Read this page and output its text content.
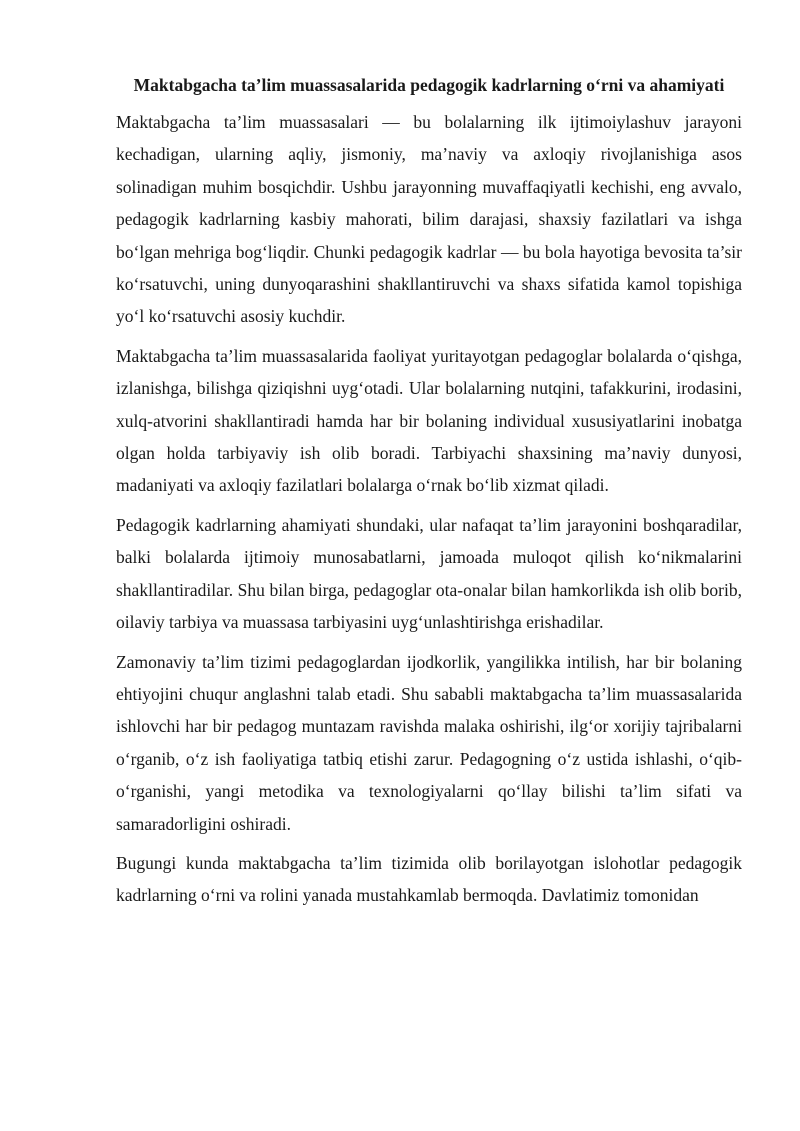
Maktabgacha ta’lim muassasalarida pedagogik kadrlarning o‘rni va ahamiyati

Maktabgacha ta’lim muassasalari — bu bolalarning ilk ijtimoiylashuv jarayoni kechadigan, ularning aqliy, jismoniy, ma’naviy va axloqiy rivojlanishiga asos solinadigan muhim bosqichdir. Ushbu jarayonning muvaffaqiyatli kechishi, eng avvalo, pedagogik kadrlarning kasbiy mahorati, bilim darajasi, shaxsiy fazilatlari va ishga bo‘lgan mehriga bog‘liqdir. Chunki pedagogik kadrlar — bu bola hayotiga bevosita ta’sir ko‘rsatuvchi, uning dunyoqarashini shakllantiruvchi va shaxs sifatida kamol topishiga yo‘l ko‘rsatuvchi asosiy kuchdir.

Maktabgacha ta’lim muassasalarida faoliyat yuritayotgan pedagoglar bolalarda o‘qishga, izlanishga, bilishga qiziqishni uyg‘otadi. Ular bolalarning nutqini, tafakkurini, irodasini, xulq-atvorini shakllantiradi hamda har bir bolaning individual xususiyatlarini inobatga olgan holda tarbiyaviy ish olib boradi. Tarbiyachi shaxsining ma’naviy dunyosi, madaniyati va axloqiy fazilatlari bolalarga o‘rnak bo‘lib xizmat qiladi.

Pedagogik kadrlarning ahamiyati shundaki, ular nafaqat ta’lim jarayonini boshqaradilar, balki bolalarda ijtimoiy munosabatlarni, jamoada muloqot qilish ko‘nikmalarini shakllantiradilar. Shu bilan birga, pedagoglar ota-onalar bilan hamkorlikda ish olib borib, oilaviy tarbiya va muassasa tarbiyasini uyg‘unlashtirishga erishadilar.

Zamonaviy ta’lim tizimi pedagoglardan ijodkorlik, yangilikka intilish, har bir bolaning ehtiyojini chuqur anglashni talab etadi. Shu sababli maktabgacha ta’lim muassasalarida ishlovchi har bir pedagog muntazam ravishda malaka oshirishi, ilg‘or xorijiy tajribalarni o‘rganib, o‘z ish faoliyatiga tatbiq etishi zarur. Pedagogning o‘z ustida ishlashi, o‘qib-o‘rganishi, yangi metodika va texnologiyalarni qo‘llay bilishi ta’lim sifati va samaradorligini oshiradi.

Bugungi kunda maktabgacha ta’lim tizimida olib borilayotgan islohotlar pedagogik kadrlarning o‘rni va rolini yanada mustahkamlab bermoqda. Davlatimiz tomonidan
